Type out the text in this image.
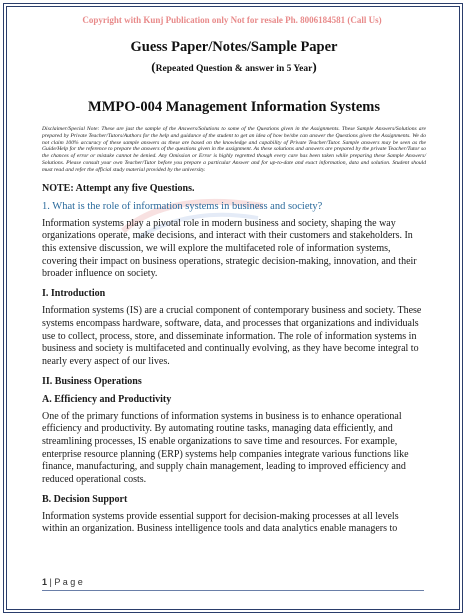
Copyright with Kunj Publication only Not for resale Ph. 8006184581 (Call Us)
Guess Paper/Notes/Sample Paper
(Repeated Question & answer in 5 Year)
MMPO-004 Management Information Systems
Disclaimer/Special Note: These are just the sample of the Answers/Solutions to some of the Questions given in the Assignments. These Sample Answers/Solutions are prepared by Private Teacher/Tutors/Authors for the help and guidance of the student to get an idea of how he/she can answer the Questions given the Assignments. We do not claim 100% accuracy of these sample answers as these are based on the knowledge and capability of Private Teacher/Tutor. Sample answers may be seen as the Guide/Help for the reference to prepare the answers of the questions given in the assignment. As these solutions and answers are prepared by the private Teacher/Tutor so the chances of error or mistake cannot be denied. Any Omission or Error is highly regretted though every care has been taken while preparing these Sample Answers/ Solutions. Please consult your own Teacher/Tutor before you prepare a particular Answer and for up-to-date and exact information, data and solution. Student should must read and refer the official study material provided by the university.
NOTE: Attempt any five Questions.
1. What is the role of information systems in business and society?

Information systems play a pivotal role in modern business and society, shaping the way organizations operate, make decisions, and interact with their customers and stakeholders. In this extensive discussion, we will explore the multifaceted role of information systems, covering their impact on business operations, strategic decision-making, innovation, and their broader influence on society.

I. Introduction

Information systems (IS) are a crucial component of contemporary business and society. These systems encompass hardware, software, data, and processes that organizations and individuals use to collect, process, store, and disseminate information. The role of information systems in business and society is multifaceted and continually evolving, as they have become integral to nearly every aspect of our lives.

II. Business Operations
A. Efficiency and Productivity

One of the primary functions of information systems in business is to enhance operational efficiency and productivity. By automating routine tasks, managing data efficiently, and streamlining processes, IS enable organizations to save time and resources. For example, enterprise resource planning (ERP) systems help companies integrate various functions like finance, manufacturing, and supply chain management, leading to improved efficiency and reduced operational costs.

B. Decision Support

Information systems provide essential support for decision-making processes at all levels within an organization. Business intelligence tools and data analytics enable managers to

1 | P a g e
